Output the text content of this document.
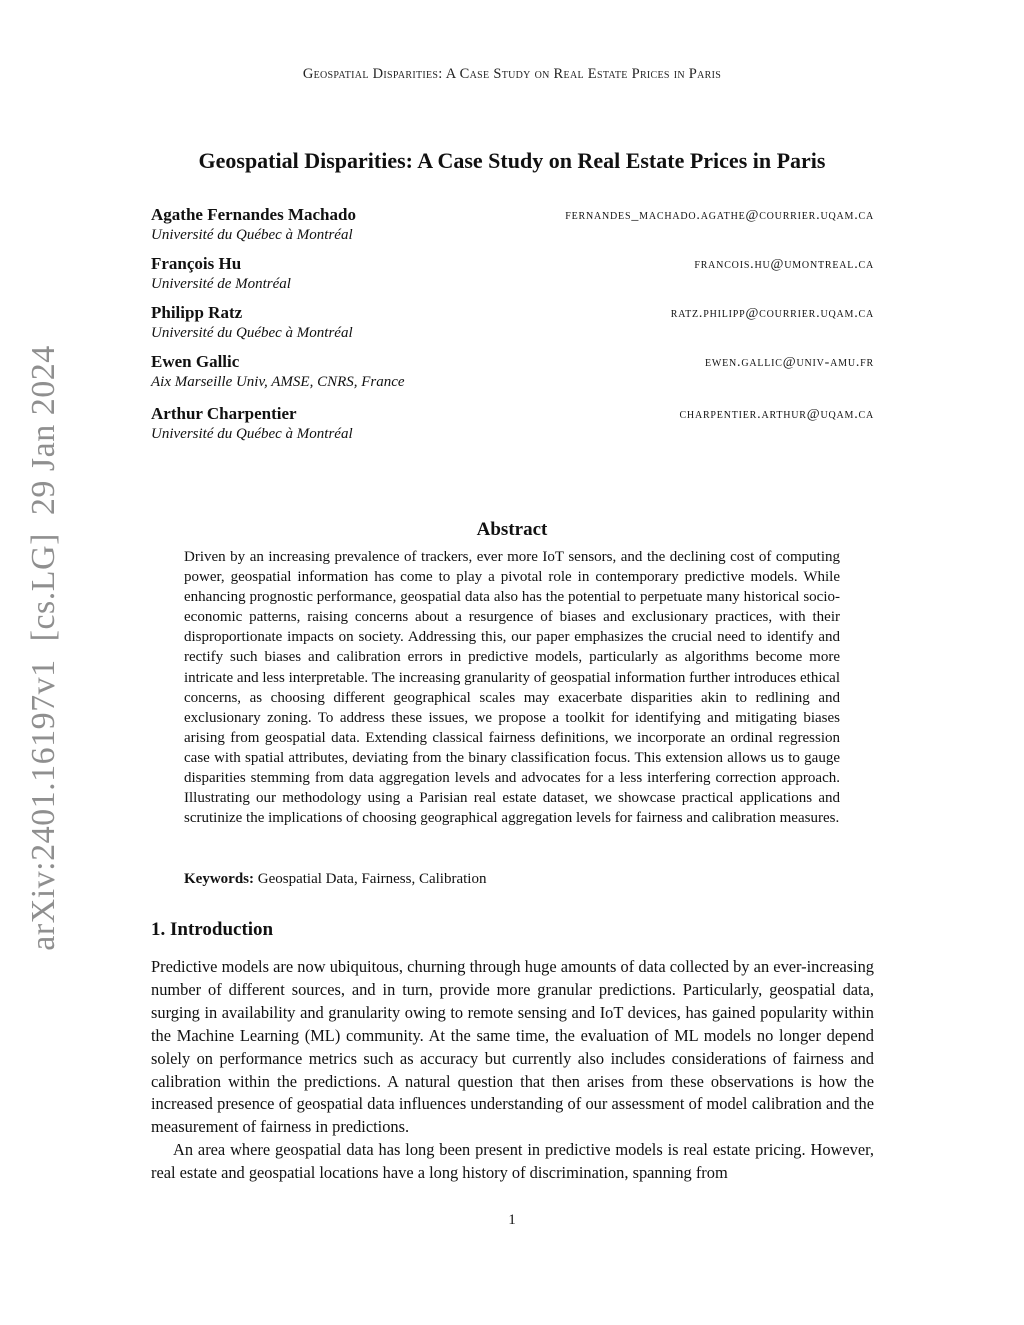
Geospatial Disparities: A Case Study on Real Estate Prices in Paris
Geospatial Disparities: A Case Study on Real Estate Prices in Paris
Agathe Fernandes Machado
Université du Québec à Montréal
fernandes_machado.agathe@courrier.uqam.ca
François Hu
Université de Montréal
francois.hu@umontreal.ca
Philipp Ratz
Université du Québec à Montréal
ratz.philipp@courrier.uqam.ca
Ewen Gallic
Aix Marseille Univ, AMSE, CNRS, France
ewen.gallic@univ-amu.fr
Arthur Charpentier
Université du Québec à Montréal
charpentier.arthur@uqam.ca
arXiv:2401.16197v1  [cs.LG]  29 Jan 2024	Abstract

Driven by an increasing prevalence of trackers, ever more IoT sensors, and the declining cost of computing power, geospatial information has come to play a pivotal role in contemporary predictive models. While enhancing prognostic performance, geospatial data also has the potential to perpetuate many historical socio-economic patterns, raising concerns about a resurgence of biases and exclusionary practices, with their disproportionate impacts on society. Addressing this, our paper emphasizes the crucial need to identify and rectify such biases and calibration errors in predictive models, particularly as algorithms become more intricate and less interpretable. The increasing granularity of geospatial information further introduces ethical concerns, as choosing different geographical scales may exacerbate disparities akin to redlining and exclusionary zoning. To address these issues, we propose a toolkit for identifying and mitigating biases arising from geospatial data. Extending classical fairness definitions, we incorporate an ordinal regression case with spatial attributes, deviating from the binary classification focus. This extension allows us to gauge disparities stemming from data aggregation levels and advocates for a less interfering correction approach. Illustrating our methodology using a Parisian real estate dataset, we showcase practical applications and scrutinize the implications of choosing geographical aggregation levels for fairness and calibration measures.

Keywords: Geospatial Data, Fairness, Calibration
1. Introduction

Predictive models are now ubiquitous, churning through huge amounts of data collected by an ever-increasing number of different sources, and in turn, provide more granular predictions. Particularly, geospatial data, surging in availability and granularity owing to remote sensing and IoT devices, has gained popularity within the Machine Learning (ML) community. At the same time, the evaluation of ML models no longer depend solely on performance metrics such as accuracy but currently also includes considerations of fairness and calibration within the predictions. A natural question that then arises from these observations is how the increased presence of geospatial data influences understanding of our assessment of model calibration and the measurement of fairness in predictions.

An area where geospatial data has long been present in predictive models is real estate pricing. However, real estate and geospatial locations have a long history of discrimination, spanning from

1
